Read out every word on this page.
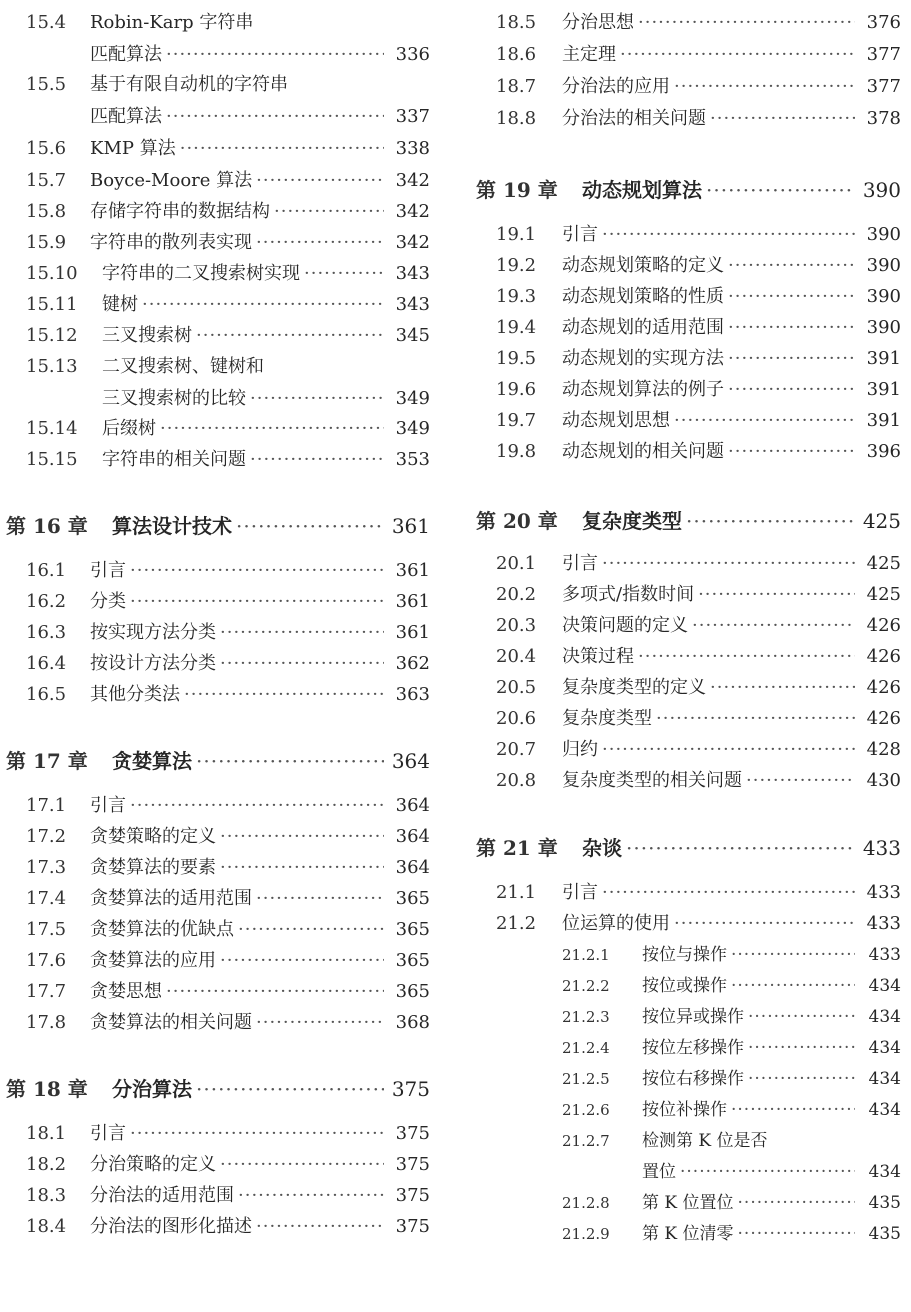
15.4	Robin-Karp 字符串
匹配算法 ·····	336
15.5	基于有限自动机的字符串
匹配算法 ·····	337
15.6	KMP 算法 ·····	338
15.7	Boyce-Moore 算法 ·····	342
15.8	存储字符串的数据结构 ·····	342
15.9	字符串的散列表实现 ·····	342
15.10	字符串的二叉搜索树实现 ·····	343
15.11	键树 ·····	343
15.12	三叉搜索树 ·····	345
15.13	二叉搜索树、键树和
三叉搜索树的比较 ·····	349
15.14	后缀树 ·····	349
15.15	字符串的相关问题 ·····	353
第 16 章	算法设计技术 ·····	361
16.1	引言 ·····	361
16.2	分类 ·····	361
16.3	按实现方法分类 ·····	361
16.4	按设计方法分类 ·····	362
16.5	其他分类法 ·····	363
第 17 章	贪婪算法 ·····	364
17.1	引言 ·····	364
17.2	贪婪策略的定义 ·····	364
17.3	贪婪算法的要素 ·····	364
17.4	贪婪算法的适用范围 ·····	365
17.5	贪婪算法的优缺点 ·····	365
17.6	贪婪算法的应用 ·····	365
17.7	贪婪思想 ·····	365
17.8	贪婪算法的相关问题 ·····	368
第 18 章	分治算法 ·····	375
18.1	引言 ·····	375
18.2	分治策略的定义 ·····	375
18.3	分治法的适用范围 ·····	375
18.4	分治法的图形化描述 ·····	375
18.5	分治思想 ·····	376
18.6	主定理 ·····	377
18.7	分治法的应用 ·····	377
18.8	分治法的相关问题 ·····	378
第 19 章	动态规划算法 ·····	390
19.1	引言 ·····	390
19.2	动态规划策略的定义 ·····	390
19.3	动态规划策略的性质 ·····	390
19.4	动态规划的适用范围 ·····	390
19.5	动态规划的实现方法 ·····	391
19.6	动态规划算法的例子 ·····	391
19.7	动态规划思想 ·····	391
19.8	动态规划的相关问题 ·····	396
第 20 章	复杂度类型 ·····	425
20.1	引言 ·····	425
20.2	多项式/指数时间 ·····	425
20.3	决策问题的定义 ·····	426
20.4	决策过程 ·····	426
20.5	复杂度类型的定义 ·····	426
20.6	复杂度类型 ·····	426
20.7	归约 ·····	428
20.8	复杂度类型的相关问题 ·····	430
第 21 章	杂谈 ·····	433
21.1	引言 ·····	433
21.2	位运算的使用 ·····	433
21.2.1	按位与操作 ·····	433
21.2.2	按位或操作 ·····	434
21.2.3	按位异或操作 ·····	434
21.2.4	按位左移操作 ·····	434
21.2.5	按位右移操作 ·····	434
21.2.6	按位补操作 ·····	434
21.2.7	检测第 K 位是否
置位 ·····	434
21.2.8	第 K 位置位 ·····	435
21.2.9	第 K 位清零 ·····	435
